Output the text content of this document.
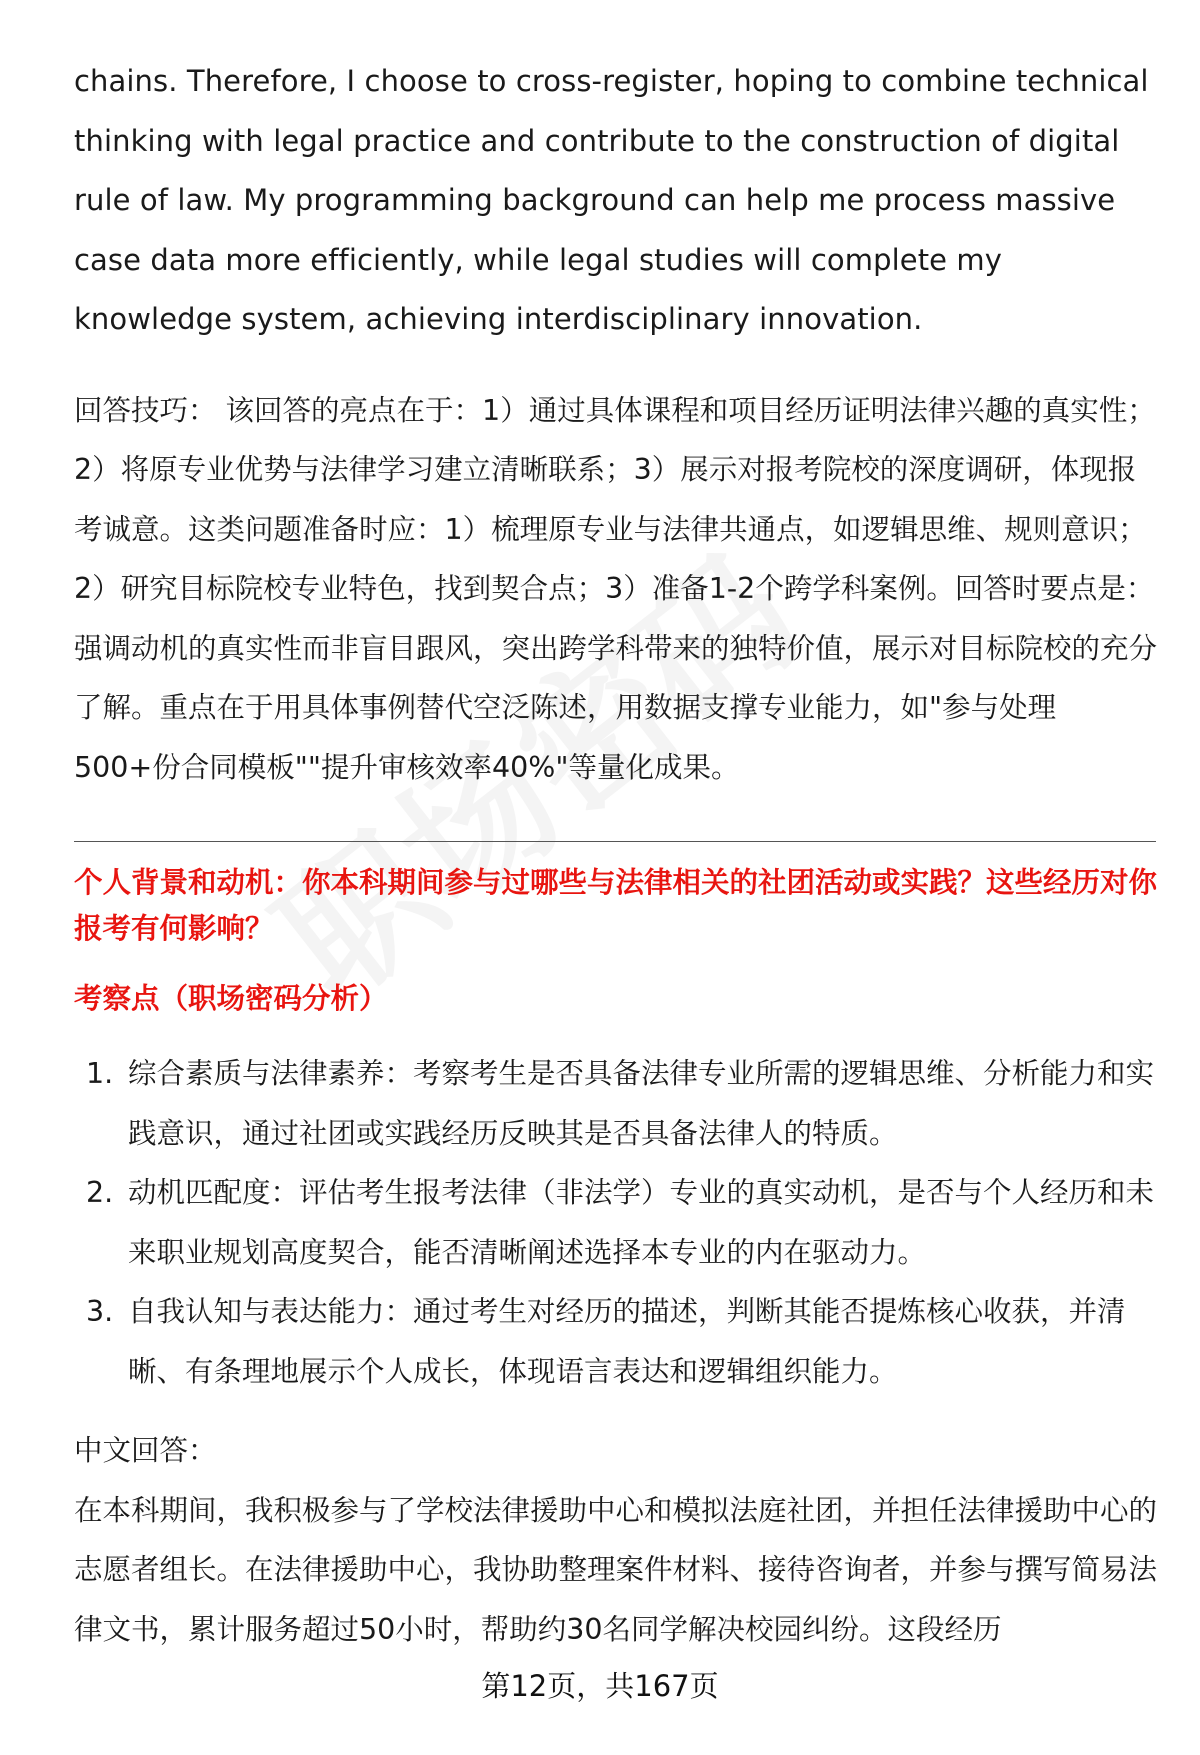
chains. Therefore, I choose to cross-register, hoping to combine technical thinking with legal practice and contribute to the construction of digital rule of law. My programming background can help me process massive case data more efficiently, while legal studies will complete my knowledge system, achieving interdisciplinary innovation.

回答技巧： 该回答的亮点在于：1）通过具体课程和项目经历证明法律兴趣的真实性；2）将原专业优势与法律学习建立清晰联系；3）展示对报考院校的深度调研，体现报考诚意。这类问题准备时应：1）梳理原专业与法律共通点，如逻辑思维、规则意识；2）研究目标院校专业特色，找到契合点；3）准备1-2个跨学科案例。回答时要点是：强调动机的真实性而非盲目跟风，突出跨学科带来的独特价值，展示对目标院校的充分了解。重点在于用具体事例替代空泛陈述，用数据支撑专业能力，如"参与处理500+份合同模板""提升审核效率40%"等量化成果。

个人背景和动机：你本科期间参与过哪些与法律相关的社团活动或实践？这些经历对你报考有何影响？

考察点（职场密码分析）

1. 综合素质与法律素养：考察考生是否具备法律专业所需的逻辑思维、分析能力和实践意识，通过社团或实践经历反映其是否具备法律人的特质。
2. 动机匹配度：评估考生报考法律（非法学）专业的真实动机，是否与个人经历和未来职业规划高度契合，能否清晰阐述选择本专业的内在驱动力。
3. 自我认知与表达能力：通过考生对经历的描述，判断其能否提炼核心收获，并清晰、有条理地展示个人成长，体现语言表达和逻辑组织能力。

中文回答：

在本科期间，我积极参与了学校法律援助中心和模拟法庭社团，并担任法律援助中心的志愿者组长。在法律援助中心，我协助整理案件材料、接待咨询者，并参与撰写简易法律文书，累计服务超过50小时，帮助约30名同学解决校园纠纷。这段经历

第12页，共167页
